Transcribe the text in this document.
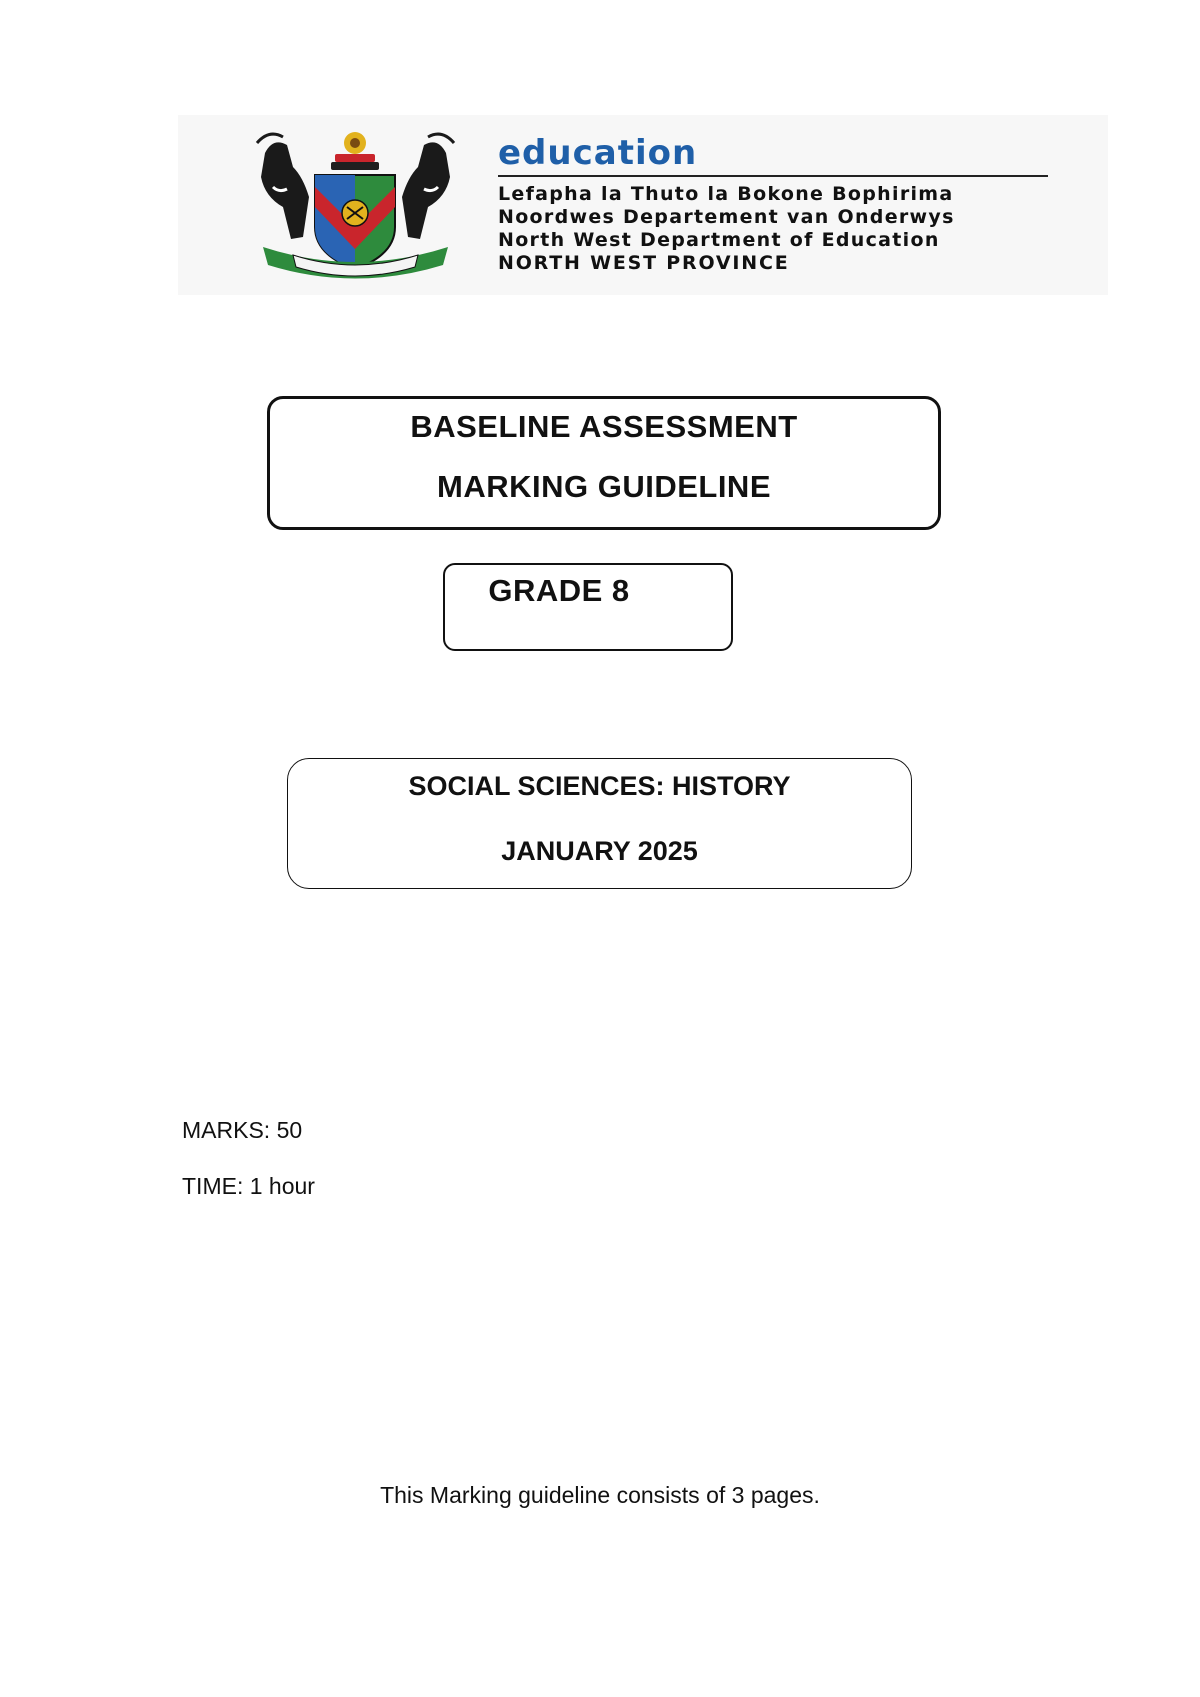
education
Lefapha la Thuto la Bokone Bophirima
Noordwes Departement van Onderwys
North West Department of Education
NORTH WEST PROVINCE
BASELINE ASSESSMENT
MARKING GUIDELINE
GRADE 8
SOCIAL SCIENCES: HISTORY
JANUARY 2025
MARKS: 50
TIME: 1 hour
This Marking guideline consists of 3 pages.
